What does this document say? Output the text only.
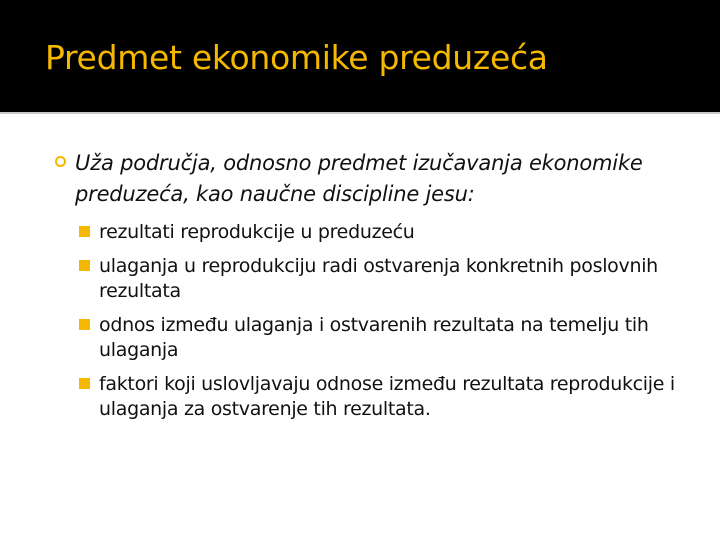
Predmet ekonomike preduzeća
Uža područja, odnosno predmet izučavanja ekonomike preduzeća, kao naučne discipline jesu:
rezultati reprodukcije u preduzeću
ulaganja u reprodukciju radi ostvarenja konkretnih poslovnih rezultata
odnos između ulaganja i ostvarenih rezultata na temelju tih ulaganja
faktori koji uslovljavaju odnose između rezultata reprodukcije i ulaganja za ostvarenje tih rezultata.
